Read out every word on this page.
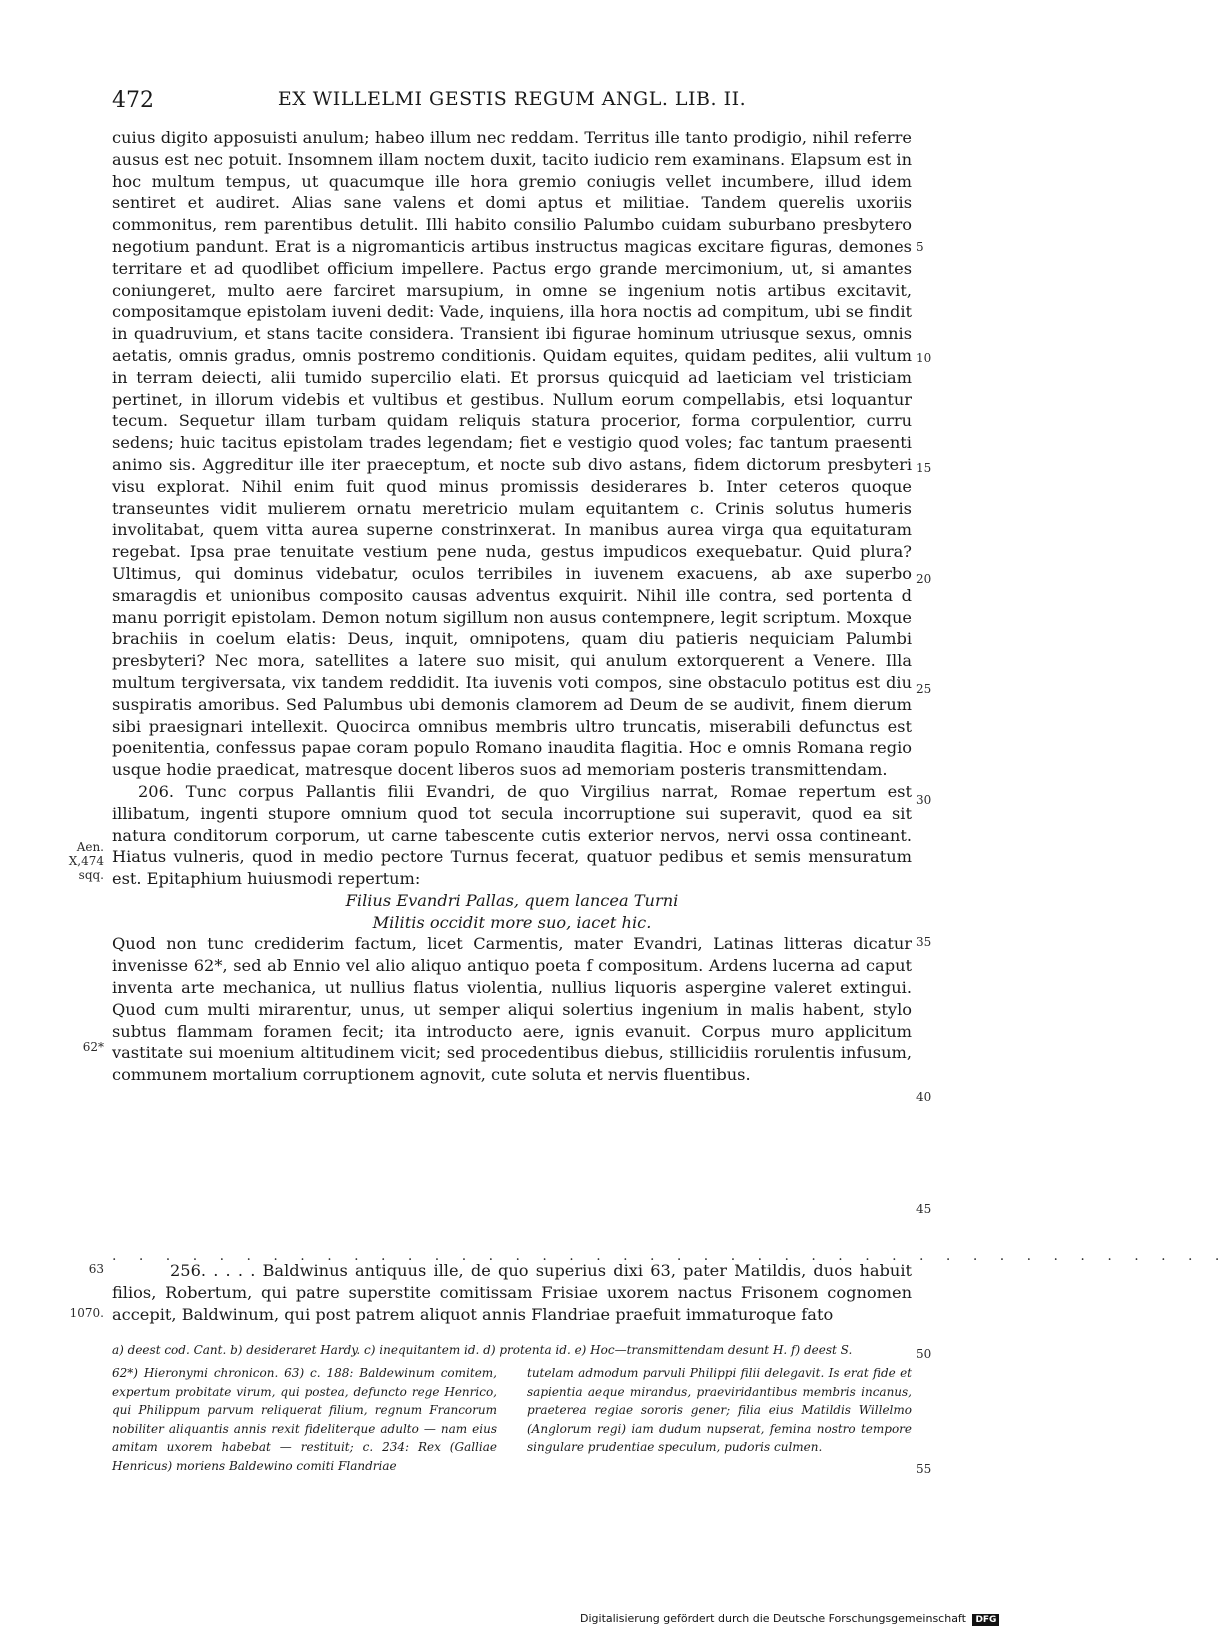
472	EX WILLELMI GESTIS REGUM ANGL. LIB. II.

cuius digito apposuisti anulum; habeo illum nec reddam. Territus ille tanto prodigio, nihil referre ausus est nec potuit. Insomnem illam noctem duxit, tacito iudicio rem examinans. Elapsum est in hoc multum tempus, ut quacumque ille hora gremio coniugis vellet incumbere, illud idem sentiret et audiret. Alias sane valens et domi aptus et militiae. Tandem querelis uxoriis commonitus, rem parentibus detulit. Illi habito consilio Palumbo cuidam suburbano presbytero negotium pandunt. Erat is a nigromanticis artibus instructus magicas excitare figuras, demones territare et ad quodlibet officium impellere. Pactus ergo grande mercimonium, ut, si amantes coniungeret, multo aere farciret marsupium, in omne se ingenium notis artibus excitavit, compositamque epistolam iuveni dedit: Vade, inquiens, illa hora noctis ad compitum, ubi se findit in quadruvium, et stans tacite considera. Transient ibi figurae hominum utriusque sexus, omnis aetatis, omnis gradus, omnis postremo conditionis. Quidam equites, quidam pedites, alii vultum in terram deiecti, alii tumido supercilio elati. Et prorsus quicquid ad laeticiam vel tristiciam pertinet, in illorum videbis et vultibus et gestibus. Nullum eorum compellabis, etsi loquantur tecum. Sequetur illam turbam quidam reliquis statura procerior, forma corpulentior, curru sedens; huic tacitus epistolam trades legendam; fiet e vestigio quod voles; fac tantum praesenti animo sis. Aggreditur ille iter praeceptum, et nocte sub divo astans, fidem dictorum presbyteri visu explorat. Nihil enim fuit quod minus promissis desiderares b. Inter ceteros quoque transeuntes vidit mulierem ornatu meretricio mulam equitantem c. Crinis solutus humeris involitabat, quem vitta aurea superne constrinxerat. In manibus aurea virga qua equitaturam regebat. Ipsa prae tenuitate vestium pene nuda, gestus impudicos exequebatur. Quid plura? Ultimus, qui dominus videbatur, oculos terribiles in iuvenem exacuens, ab axe superbo smaragdis et unionibus composito causas adventus exquirit. Nihil ille contra, sed portenta d manu porrigit epistolam. Demon notum sigillum non ausus contempnere, legit scriptum. Moxque brachiis in coelum elatis: Deus, inquit, omnipotens, quam diu patieris nequiciam Palumbi presbyteri? Nec mora, satellites a latere suo misit, qui anulum extorquerent a Venere. Illa multum tergiversata, vix tandem reddidit. Ita iuvenis voti compos, sine obstaculo potitus est diu suspiratis amoribus. Sed Palumbus ubi demonis clamorem ad Deum de se audivit, finem dierum sibi praesignari intellexit. Quocirca omnibus membris ultro truncatis, miserabili defunctus est poenitentia, confessus papae coram populo Romano inaudita flagitia. Hoc e omnis Romana regio usque hodie praedicat, matresque docent liberos suos ad memoriam posteris transmittendam.

206. Tunc corpus Pallantis filii Evandri, de quo Virgilius narrat, Romae repertum est illibatum, ingenti stupore omnium quod tot secula incorruptione sui superavit, quod ea sit natura conditorum corporum, ut carne tabescente cutis exterior nervos, nervi ossa contineant. Hiatus vulneris, quod in medio pectore Turnus fecerat, quatuor pedibus et semis mensuratum est. Epitaphium huiusmodi repertum:

Filius Evandri Pallas, quem lancea Turni

Militis occidit more suo, iacet hic.

Quod non tunc crediderim factum, licet Carmentis, mater Evandri, Latinas litteras dicatur invenisse 62*, sed ab Ennio vel alio aliquo antiquo poeta f compositum. Ardens lucerna ad caput inventa arte mechanica, ut nullius flatus violentia, nullius liquoris aspergine valeret extingui. Quod cum multi mirarentur, unus, ut semper aliqui solertius ingenium in malis habent, stylo subtus flammam foramen fecit; ita introducto aere, ignis evanuit. Corpus muro applicitum vastitate sui moenium altitudinem vicit; sed procedentibus diebus, stillicidiis rorulentis infusum, communem mortalium corruptionem agnovit, cute soluta et nervis fluentibus.

Aen. X,474 sqq.
62*
63
1070.
5
10
15
20
25
30
35
40
45
50
55
. . . . . . . . . . . . . . . . . . . . . . . . . . . . . . . . . . . . . . . . . .
256. . . . . Baldwinus antiquus ille, de quo superius dixi 63, pater Matildis, duos habuit filios, Robertum, qui patre superstite comitissam Frisiae uxorem nactus Frisonem cognomen accepit, Baldwinum, qui post patrem aliquot annis Flandriae praefuit immaturoque fato
a) deest cod. Cant. b) desideraret Hardy. c) inequitantem id. d) protenta id. e) Hoc—transmittendam desunt H. f) deest S.
62*) Hieronymi chronicon. 63) c. 188: Baldewinum comitem, expertum probitate virum, qui postea, defuncto rege Henrico, qui Philippum parvum reliquerat filium, regnum Francorum nobiliter aliquantis annis rexit fideliterque adulto — nam eius amitam uxorem habebat — restituit; c. 234: Rex (Galliae Henricus) moriens Baldewino comiti Flandriae
tutelam admodum parvuli Philippi filii delegavit. Is erat fide et sapientia aeque mirandus, praeviridantibus membris incanus, praeterea regiae sororis gener; filia eius Matildis Willelmo (Anglorum regi) iam dudum nupserat, femina nostro tempore singulare prudentiae speculum, pudoris culmen.
Digitalisierung gefördert durch die Deutsche Forschungsgemeinschaft DFG
